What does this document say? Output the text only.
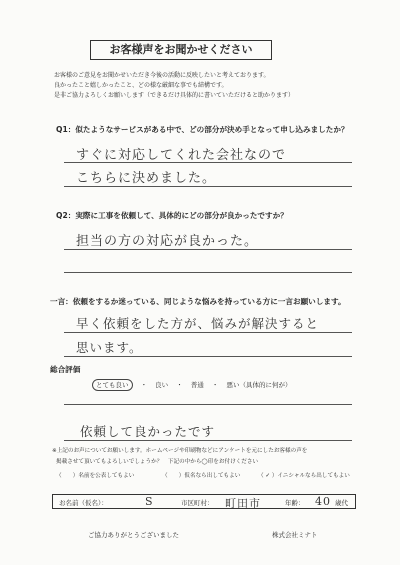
お客様声をお聞かせください
お客様のご意見をお聞かせいただき今後の活動に反映したいと考えております。
良かったこと嬉しかったこと、どの様な厳細な事でも結構です。
是非ご協力よろしくお願いします（できるだけ具体的に書いていただけると助かります）
Q1：似たようなサービスがある中で、どの部分が決め手となって申し込みましたか？
すぐに対応してくれた会社なので
こちらに決めました。
Q2：実際に工事を依頼して、具体的にどの部分が良かったですか？
担当の方の対応が良かった。
一言：依頼をするか迷っている、同じような悩みを持っている方に一言お願いします。
早く依頼をした方が、悩みが解決すると
思います。
総合評価
とても良い ・ 良い ・ 普通 ・ 悪い（具体的に何が）
依頼して良かったです
※上記のお声についてお願いします。ホームページや印刷物などにアンケートを元にしたお客様の声を
掲載させて頂いてもよろしいでしょうか？　下記の中から◯印をお付けください
（　　）名前を公表してもよい	（　　）仮名なら出してもよい	（ ✓ ）イニシャルなら出してもよい
お名前（仮名）：	S	市区町村： 町田市	年齢： 40 歳代
ご協力ありがとうございました	株式会社ミナト
